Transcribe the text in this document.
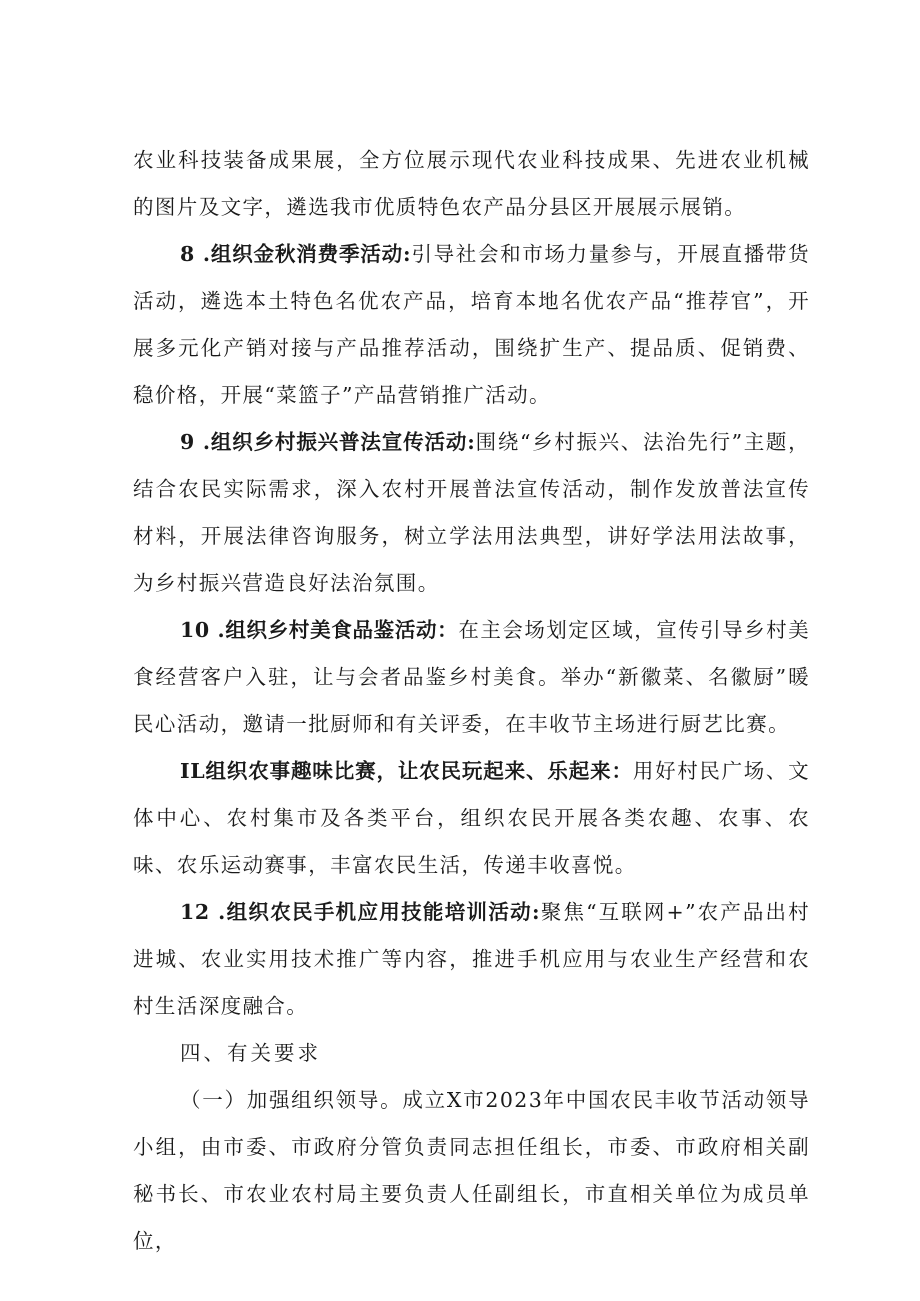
农业科技装备成果展，全方位展示现代农业科技成果、先进农业机械的图片及文字，遴选我市优质特色农产品分县区开展展示展销。

8 .组织金秋消费季活动:引导社会和市场力量参与，开展直播带货活动，遴选本土特色名优农产品，培育本地名优农产品“推荐官”，开展多元化产销对接与产品推荐活动，围绕扩生产、提品质、促销费、稳价格，开展“菜篮子”产品营销推广活动。

9 .组织乡村振兴普法宣传活动:围绕“乡村振兴、法治先行”主题，结合农民实际需求，深入农村开展普法宣传活动，制作发放普法宣传材料，开展法律咨询服务，树立学法用法典型，讲好学法用法故事，为乡村振兴营造良好法治氛围。

10 .组织乡村美食品鉴活动：在主会场划定区域，宣传引导乡村美食经营客户入驻，让与会者品鉴乡村美食。举办“新徽菜、名徽厨”暖民心活动，邀请一批厨师和有关评委，在丰收节主场进行厨艺比赛。

IL组织农事趣味比赛，让农民玩起来、乐起来：用好村民广场、文体中心、农村集市及各类平台，组织农民开展各类农趣、农事、农味、农乐运动赛事，丰富农民生活，传递丰收喜悦。

12 .组织农民手机应用技能培训活动:聚焦“互联网+”农产品出村进城、农业实用技术推广等内容，推进手机应用与农业生产经营和农村生活深度融合。

四、有关要求

（一）加强组织领导。成立X市2023年中国农民丰收节活动领导小组，由市委、市政府分管负责同志担任组长，市委、市政府相关副秘书长、市农业农村局主要负责人任副组长，市直相关单位为成员单位，
